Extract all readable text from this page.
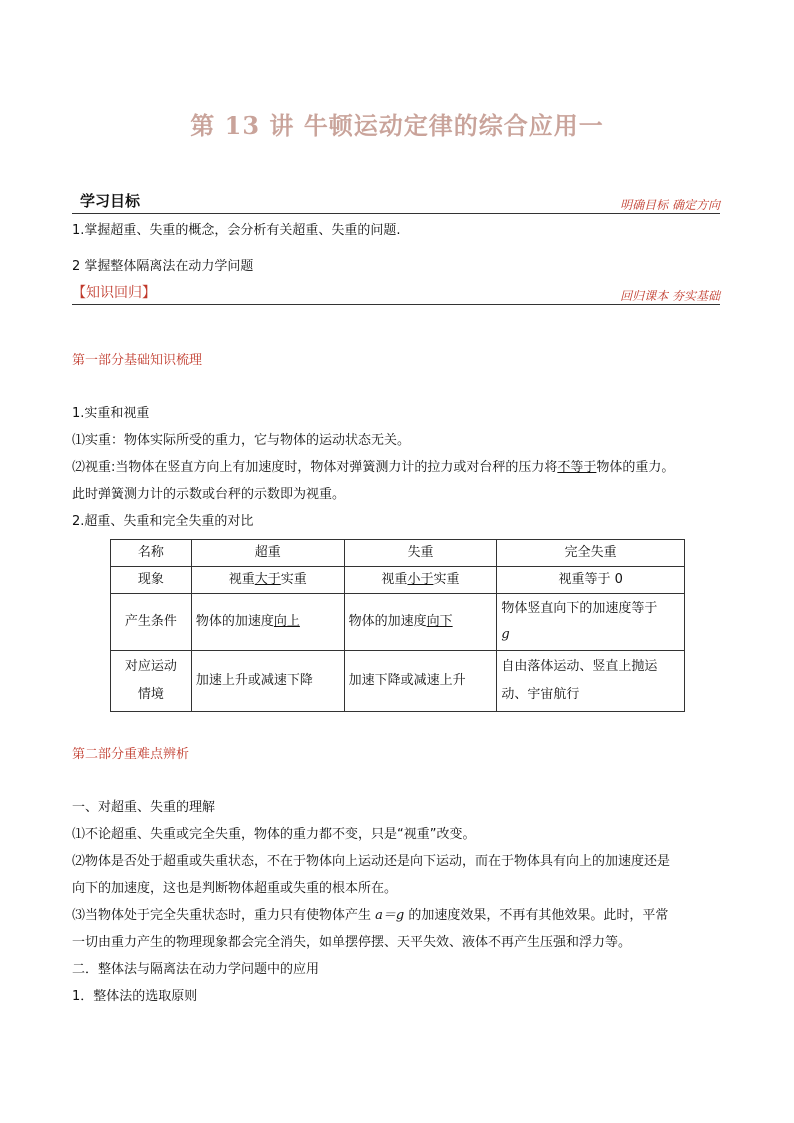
第 13 讲 牛顿运动定律的综合应用一
学习目标	明确目标 确定方向
1.掌握超重、失重的概念，会分析有关超重、失重的问题.
2 掌握整体隔离法在动力学问题
【知识回归】	回归课本 夯实基础
第一部分基础知识梳理
1.实重和视重
⑴实重：物体实际所受的重力，它与物体的运动状态无关。
⑵视重:当物体在竖直方向上有加速度时，物体对弹簧测力计的拉力或对台秤的压力将不等于物体的重力。
此时弹簧测力计的示数或台秤的示数即为视重。
2.超重、失重和完全失重的对比
名称	超重	失重	完全失重
现象	视重大于实重	视重小于实重	视重等于 0
产生条件	物体的加速度向上	物体的加速度向下	物体竖直向下的加速度等于
g
对应运动
情境	加速上升或减速下降	加速下降或减速上升	自由落体运动、竖直上抛运
动、宇宙航行
第二部分重难点辨析
一、对超重、失重的理解
⑴不论超重、失重或完全失重，物体的重力都不变，只是“视重”改变。
⑵物体是否处于超重或失重状态，不在于物体向上运动还是向下运动，而在于物体具有向上的加速度还是
向下的加速度，这也是判断物体超重或失重的根本所在。
⑶当物体处于完全失重状态时，重力只有使物体产生 a＝g 的加速度效果，不再有其他效果。此时，平常
一切由重力产生的物理现象都会完全消失，如单摆停摆、天平失效、液体不再产生压强和浮力等。
二．整体法与隔离法在动力学问题中的应用
1．整体法的选取原则
